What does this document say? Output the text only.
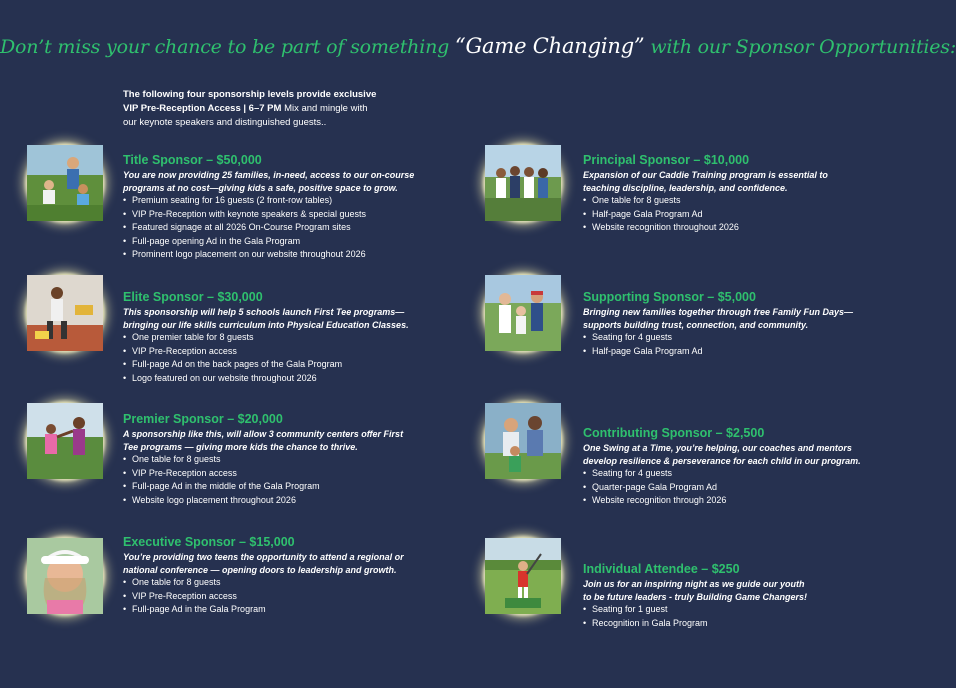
Don’t miss your chance to be part of something “Game Changing” with our Sponsor Opportunities:
The following four sponsorship levels provide exclusive
VIP Pre-Reception Access | 6–7 PM Mix and mingle with
our keynote speakers and distinguished guests..
Title Sponsor – $50,000
You are now providing 25 families, in-need, access to our on-course
programs at no cost—giving kids a safe, positive space to grow.
• Premium seating for 16 guests (2 front-row tables)
• VIP Pre-Reception with keynote speakers & special guests
• Featured signage at all 2026 On-Course Program sites
• Full-page opening Ad in the Gala Program
• Prominent logo placement on our website throughout 2026
Principal Sponsor – $10,000
Expansion of our Caddie Training program is essential to
teaching discipline, leadership, and confidence.
• One table for 8 guests
• Half-page Gala Program Ad
• Website recognition throughout 2026
Elite Sponsor – $30,000
This sponsorship will help 5 schools launch First Tee programs—
bringing our life skills curriculum into Physical Education Classes.
• One premier table for 8 guests
• VIP Pre-Reception access
• Full-page Ad on the back pages of the Gala Program
• Logo featured on our website throughout 2026
Supporting Sponsor – $5,000
Bringing new families together through free Family Fun Days—
supports building trust, connection, and community.
• Seating for 4 guests
• Half-page Gala Program Ad
Premier Sponsor – $20,000
A sponsorship like this, will allow 3 community centers offer First
Tee programs — giving more kids the chance to thrive.
• One table for 8 guests
• VIP Pre-Reception access
• Full-page Ad in the middle of the Gala Program
• Website logo placement throughout 2026
Contributing Sponsor – $2,500
One Swing at a Time, you’re helping, our coaches and mentors
develop resilience & perseverance for each child in our program.
• Seating for 4 guests
• Quarter-page Gala Program Ad
• Website recognition through 2026
Executive Sponsor – $15,000
You’re providing two teens the opportunity to attend a regional or
national conference — opening doors to leadership and growth.
• One table for 8 guests
• VIP Pre-Reception access
• Full-page Ad in the Gala Program
Individual Attendee – $250
Join us for an inspiring night as we guide our youth
to be future leaders - truly Building Game Changers!
• Seating for 1 guest
• Recognition in Gala Program
